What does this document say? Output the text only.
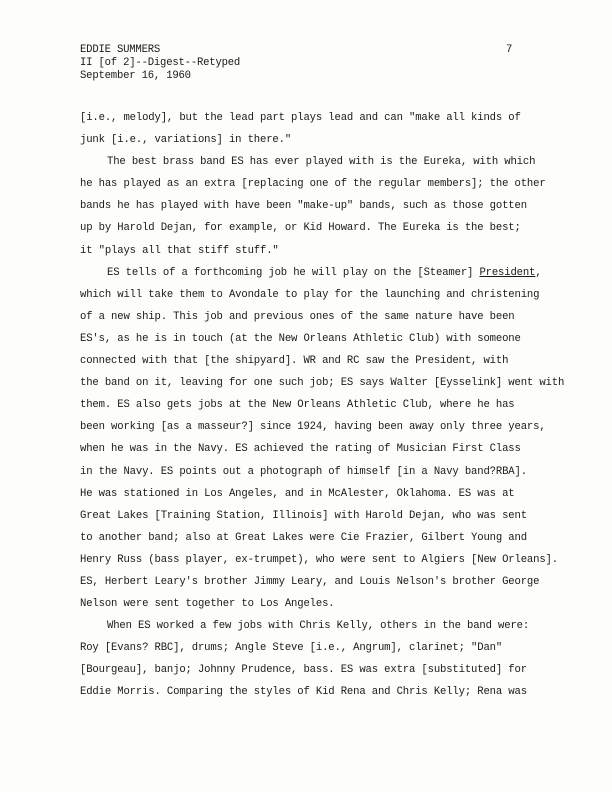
EDDIE SUMMERS
II [of 2]--Digest--Retyped
September 16, 1960
7
[i.e., melody], but the lead part plays lead and can "make all kinds of
junk [i.e., variations] in there."
The best brass band ES has ever played with is the Eureka, with which
he has played as an extra [replacing one of the regular members]; the other
bands he has played with have been "make-up" bands, such as those gotten
up by Harold Dejan, for example, or Kid Howard. The Eureka is the best;
it "plays all that stiff stuff."
ES tells of a forthcoming job he will play on the [Steamer] President,
which will take them to Avondale to play for the launching and christening
of a new ship. This job and previous ones of the same nature have been
ES's, as he is in touch (at the New Orleans Athletic Club) with someone
connected with that [the shipyard]. WR and RC saw the President, with
the band on it, leaving for one such job; ES says Walter [Eysselink] went with
them. ES also gets jobs at the New Orleans Athletic Club, where he has
been working [as a masseur?] since 1924, having been away only three years,
when he was in the Navy. ES achieved the rating of Musician First Class
in the Navy. ES points out a photograph of himself [in a Navy band?RBA].
He was stationed in Los Angeles, and in McAlester, Oklahoma. ES was at
Great Lakes [Training Station, Illinois] with Harold Dejan, who was sent
to another band; also at Great Lakes were Cie Frazier, Gilbert Young and
Henry Russ (bass player, ex-trumpet), who were sent to Algiers [New Orleans].
ES, Herbert Leary's brother Jimmy Leary, and Louis Nelson's brother George
Nelson were sent together to Los Angeles.
When ES worked a few jobs with Chris Kelly, others in the band were:
Roy [Evans? RBC], drums; Angle Steve [i.e., Angrum], clarinet; "Dan"
[Bourgeau], banjo; Johnny Prudence, bass. ES was extra [substituted] for
Eddie Morris. Comparing the styles of Kid Rena and Chris Kelly; Rena was
